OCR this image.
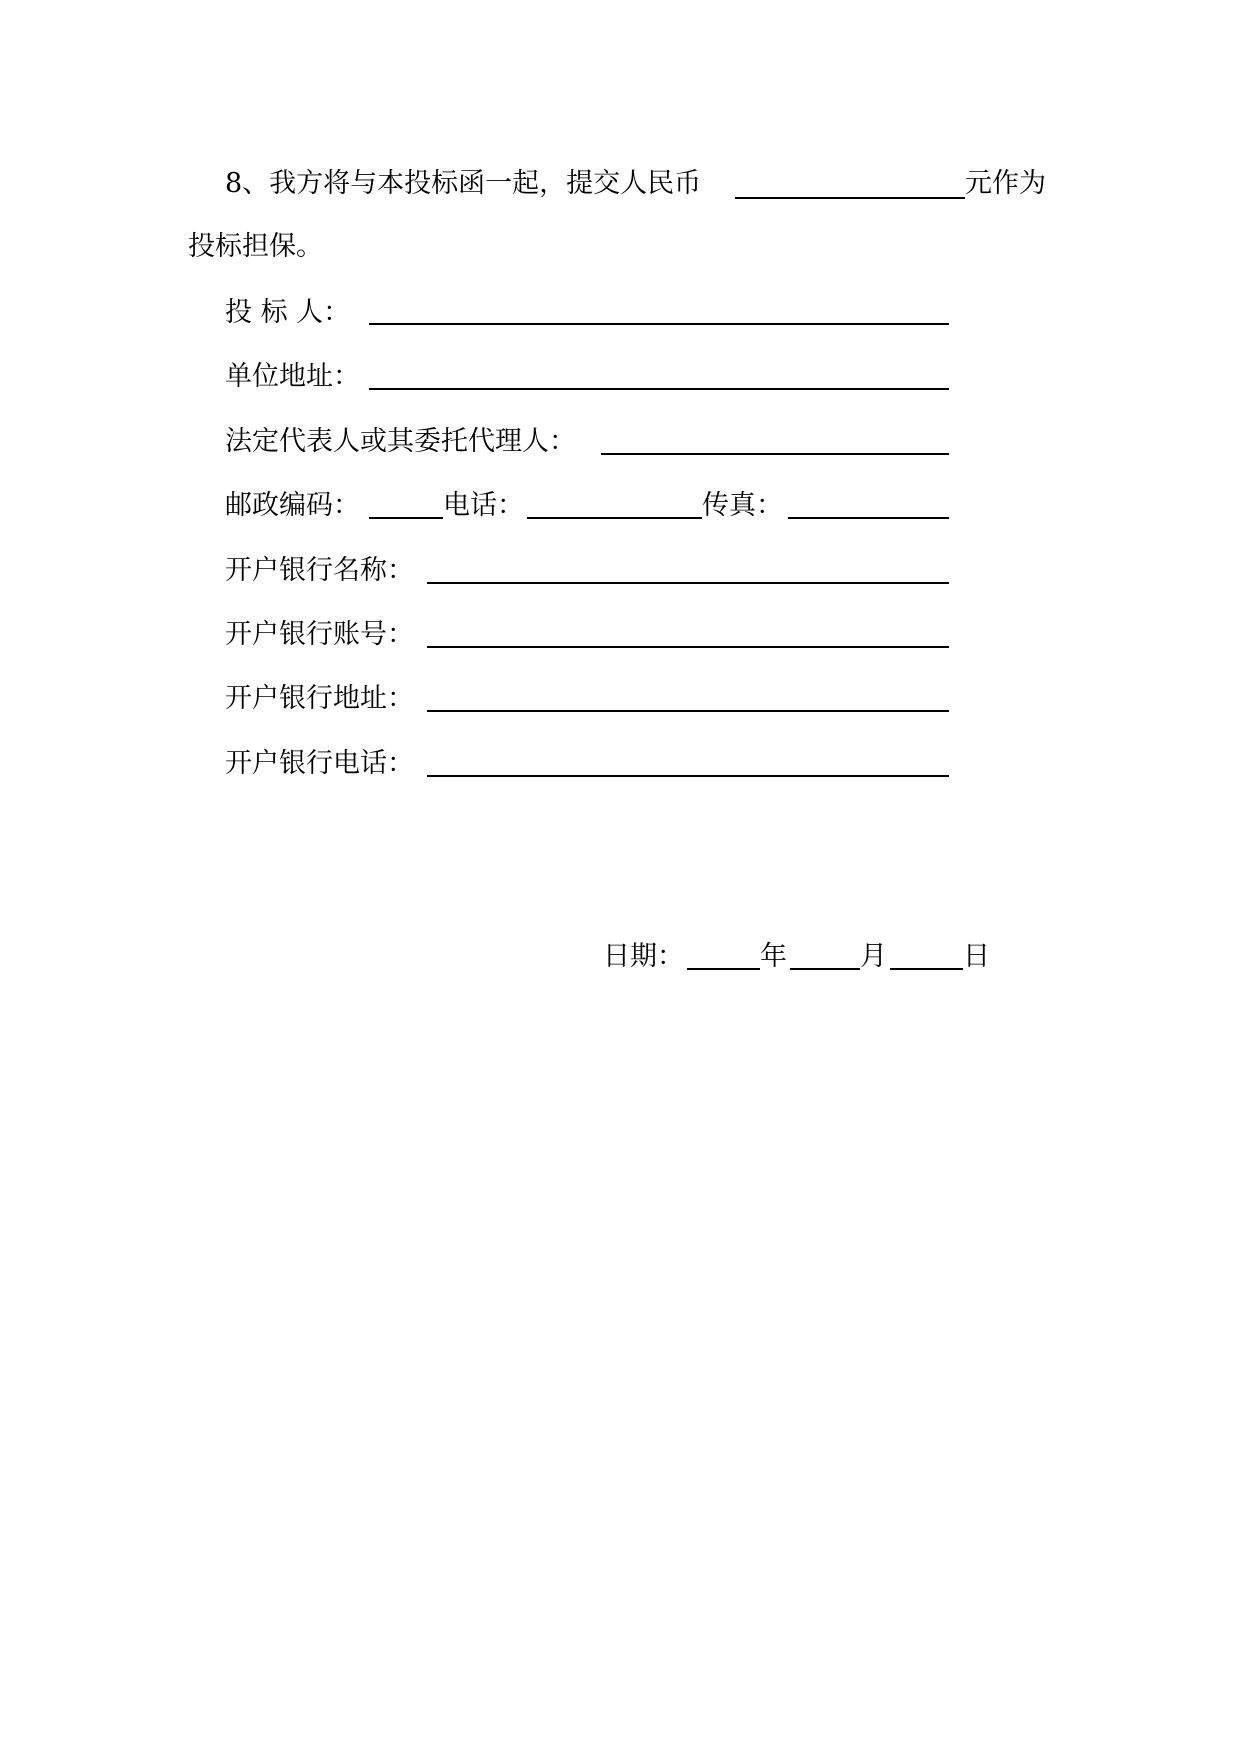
8、我方将与本投标函一起，提交人民币	元作为
投标担保。
投 标 人：
单位地址：
法定代表人或其委托代理人：
邮政编码：	电话：	传真：
开户银行名称：
开户银行账号：
开户银行地址：
开户银行电话：
日期：	年	月	日
